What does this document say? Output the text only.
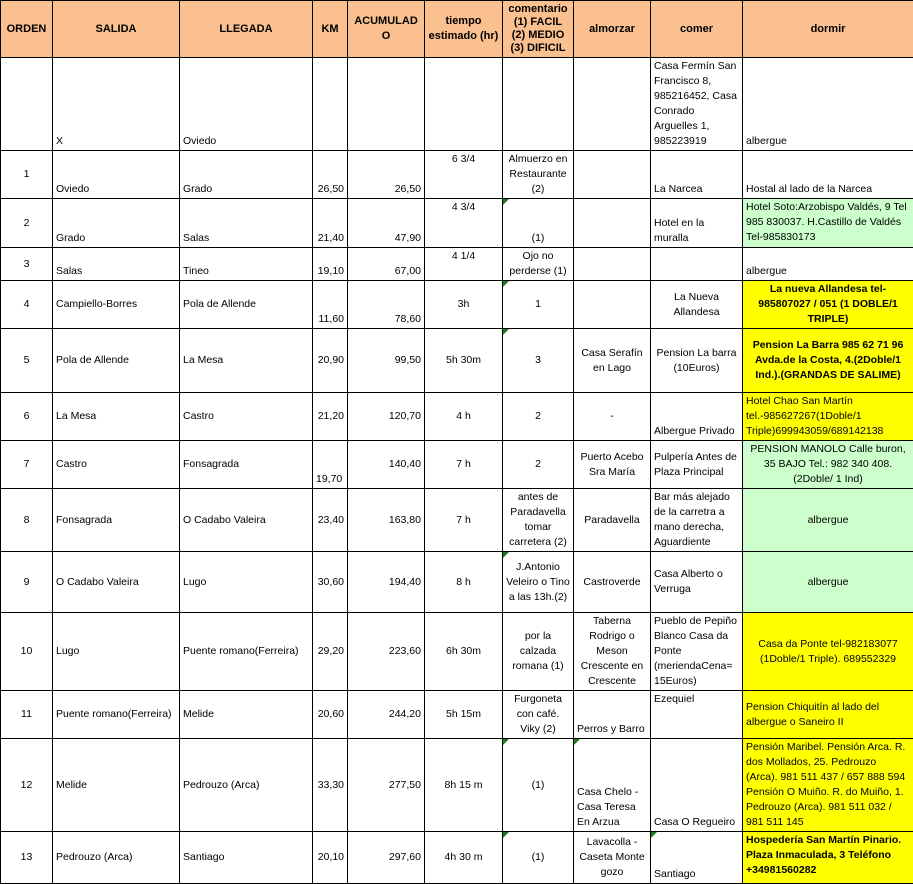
ORDEN	SALIDA	LLEGADA	KM	ACUMULADO	tiempo estimado (hr)	comentario (1) FACIL (2) MEDIO (3) DIFICIL	almorzar	comer	dormir
	X	Oviedo						Casa Fermín San Francisco 8, 985216452, Casa Conrado Arguelles 1, 985223919	albergue
1	Oviedo	Grado	26,50	26,50	6 3/4	Almuerzo en Restaurante (2)		La Narcea	Hostal al lado de la Narcea
2	Grado	Salas	21,40	47,90	4 3/4	(1)		Hotel en la muralla	Hotel Soto:Arzobispo Valdés, 9 Tel 985 830037. H.Castillo de Valdés Tel-985830173
3	Salas	Tineo	19,10	67,00	4 1/4	Ojo no perderse (1)			albergue
4	Campiello-Borres	Pola de Allende	11,60	78,60	3h	1		La Nueva Allandesa	La nueva Allandesa tel-985807027 / 051 (1 DOBLE/1 TRIPLE)
5	Pola de Allende	La Mesa	20,90	99,50	5h 30m	3	Casa Serafín en Lago	Pension La barra (10Euros)	Pension La Barra 985 62 71 96 Avda.de la Costa, 4.(2Doble/1 Ind.).(GRANDAS DE SALIME)
6	La Mesa	Castro	21,20	120,70	4 h	2	-	Albergue Privado	Hotel Chao San Martín tel.-985627267(1Doble/1 Triple)699943059/689142138
7	Castro	Fonsagrada	19,70	140,40	7 h	2	Puerto Acebo Sra María	Pulpería Antes de Plaza Principal	PENSION MANOLO Calle buron, 35 BAJO Tel.: 982 340 408.(2Doble/ 1 Ind)
8	Fonsagrada	O Cadabo Valeira	23,40	163,80	7 h	antes de Paradavella tomar carretera (2)	Paradavella	Bar más alejado de la carretra a mano derecha, Aguardiente	albergue
9	O Cadabo Valeira	Lugo	30,60	194,40	8 h	J.Antonio Veleiro o Tino a las 13h.(2)	Castroverde	Casa Alberto o Verruga	albergue
10	Lugo	Puente romano(Ferreira)	29,20	223,60	6h 30m	por la calzada romana (1)	Taberna Rodrigo o Meson Crescente en Crescente	Pueblo de Pepiño Blanco Casa da Ponte (meriendaCena= 15Euros)	Casa da Ponte tel-982183077 (1Doble/1 Triple). 689552329
11	Puente romano(Ferreira)	Melide	20,60	244,20	5h 15m	Furgoneta con café. Viky (2)	Perros y Barro	Ezequiel	Pension Chiquitín al lado del albergue o Saneiro II
12	Melide	Pedrouzo (Arca)	33,30	277,50	8h 15 m	(1)	Casa Chelo - Casa Teresa En Arzua	Casa O Regueiro	Pensión Maribel. Pensión Arca. R. dos Mollados, 25. Pedrouzo (Arca). 981 511 437 / 657 888 594 Pensión O Muiño. R. do Muiño, 1. Pedrouzo (Arca). 981 511 032 / 981 511 145
13	Pedrouzo (Arca)	Santiago	20,10	297,60	4h 30 m	(1)	Lavacolla - Caseta Monte gozo	Santiago	Hospedería San Martín Pinario. Plaza Inmaculada, 3 Teléfono +34981560282
